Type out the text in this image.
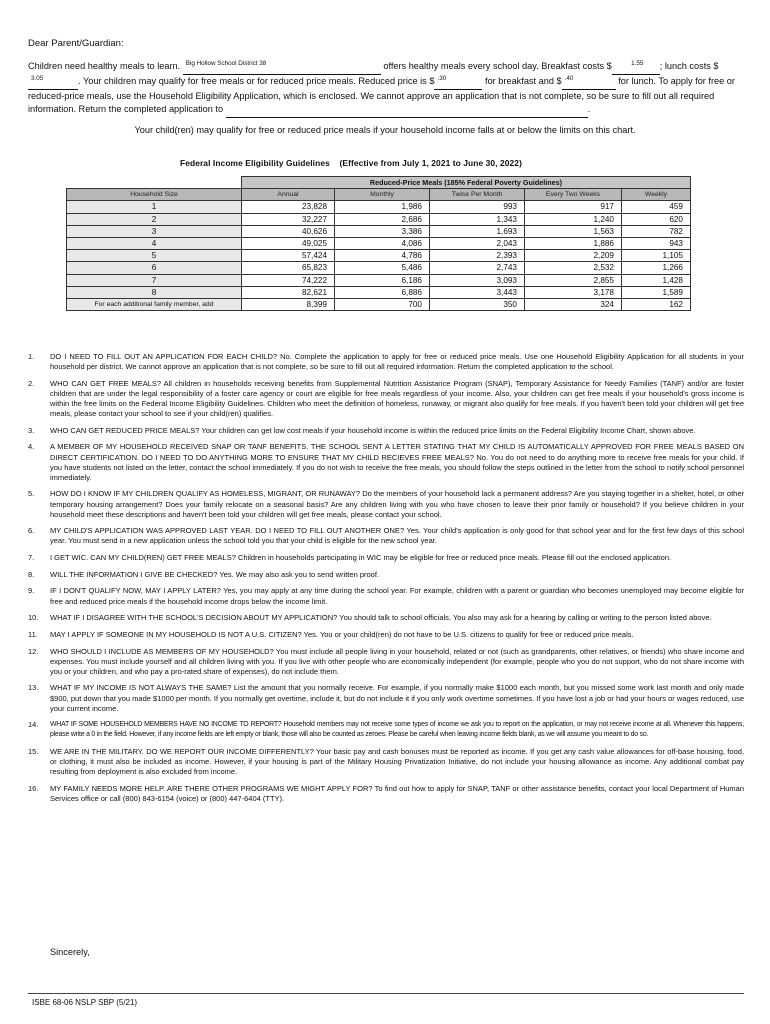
Dear Parent/Guardian:
Children need healthy meals to learn. $^{Big Hollow School District 38}$	offers healthy meals every school day. Breakfast costs $	$^{1.55}$ ; lunch costs \$$^{3.05}$	. Your children may qualify for free meals or for reduced price meals. Reduced price is $ $^{.30}$	for breakfast and $ $^{.40}$	for lunch. To apply for free or reduced-price meals, use the Household Eligibility Application, which is enclosed. We cannot approve an application that is not complete, so be sure to fill out all required information. Return the completed application to	.
Your child(ren) may qualify for free or reduced price meals if your household income falls at or below the limits on this chart.
Federal Income Eligibility Guidelines    (Effective from July 1, 2021 to June 30, 2022)
	Reduced-Price Meals (185% Federal Poverty Guidelines)				
Household Size	Annual	Monthly	Twice Per Month	Every Two Weeks	Weekly
1	23,828	1,986	993	917	459
2	32,227	2,686	1,343	1,240	620
3	40,626	3,386	1,693	1,563	782
4	49,025	4,086	2,043	1,886	943
5	57,424	4,786	2,393	2,209	1,105
6	65,823	5,486	2,743	2,532	1,266
7	74,222	6,186	3,093	2,855	1,428
8	82,621	6,886	3,443	3,178	1,589
For each additional family member, add	8,399	700	350	324	162
1.	DO I NEED TO FILL OUT AN APPLICATION FOR EACH CHILD? No. Complete the application to apply for free or reduced price meals. Use one Household Eligibility Application for all students in your household per district. We cannot approve an application that is not complete, so be sure to fill out all required information. Return the completed application to the school.
2.	WHO CAN GET FREE MEALS? All children in households receiving benefits from Supplemental Nutrition Assistance Program (SNAP), Temporary Assistance for Needy Families (TANF) and/or are foster children that are under the legal responsibility of a foster care agency or court are eligible for free meals regardless of your income. Also, your children can get free meals if your household's gross income is within the free limits on the Federal Income Eligibility Guidelines. Children who meet the definition of homeless, runaway, or migrant also qualify for free meals. If you haven't been told your children will get free meals, please contact your school to see if your child(ren) qualifies.
3.	WHO CAN GET REDUCED PRICE MEALS? Your children can get low cost meals if your household income is within the reduced price limits on the Federal Eligibility Income Chart, shown above.
4.	A MEMBER OF MY HOUSEHOLD RECEIVED SNAP OR TANF BENEFITS. THE SCHOOL SENT A LETTER STATING THAT MY CHILD IS AUTOMATICALLY APPROVED FOR FREE MEALS BASED ON DIRECT CERTIFICATION. DO I NEED TO DO ANYTHING MORE TO ENSURE THAT MY CHILD RECIEVES FREE MEALS? No. You do not need to do anything more to receive free meals for your child. If you have students not listed on the letter, contact the school immediately. If you do not wish to receive the free meals, you should follow the steps outlined in the letter from the school to notify school personnel immediately.
5.	HOW DO I KNOW IF MY CHILDREN QUALIFY AS HOMELESS, MIGRANT, OR RUNAWAY? Do the members of your household lack a permanent address? Are you staying together in a shelter, hotel, or other temporary housing arrangement? Does your family relocate on a seasonal basis? Are any children living with you who have chosen to leave their prior family or household? If you believe children in your household meet these descriptions and haven't been told your children will get free meals, please contact your school.
6.	MY CHILD'S APPLICATION WAS APPROVED LAST YEAR. DO I NEED TO FILL OUT ANOTHER ONE? Yes. Your child's application is only good for that school year and for the first few days of this school year. You must send in a new application unless the school told you that your child is eligible for the new school year.
7.	I GET WIC. CAN MY CHILD(REN) GET FREE MEALS? Children in households participating in WIC may be eligible for free or reduced price meals. Please fill out the enclosed application.
8.	WILL THE INFORMATION I GIVE BE CHECKED? Yes. We may also ask you to send written proof.
9.	IF I DON'T QUALIFY NOW, MAY I APPLY LATER? Yes, you may apply at any time during the school year. For example, children with a parent or guardian who becomes unemployed may become eligible for free and reduced price meals if the household income drops below the income limit.
10.	WHAT IF I DISAGREE WITH THE SCHOOL'S DECISION ABOUT MY APPLICATION? You should talk to school officials. You also may ask for a hearing by calling or writing to the person listed above.
11.	MAY I APPLY IF SOMEONE IN MY HOUSEHOLD IS NOT A U.S. CITIZEN? Yes. You or your child(ren) do not have to be U.S. citizens to qualify for free or reduced price meals.
12.	WHO SHOULD I INCLUDE AS MEMBERS OF MY HOUSEHOLD? You must include all people living in your household, related or not (such as grandparents, other relatives, or friends) who share income and expenses. You must include yourself and all children living with you. If you live with other people who are economically independent (for example, people who you do not support, who do not share income with you or your children, and who pay a pro-rated share of expenses), do not include them.
13.	WHAT IF MY INCOME IS NOT ALWAYS THE SAME? List the amount that you normally receive. For example, if you normally make $1000 each month, but you missed some work last month and only made $900, put down that you made $1000 per month. If you normally get overtime, include it, but do not include it if you only work overtime sometimes. If you have lost a job or had your hours or wages reduced, use your current income.
14.	WHAT IF SOME HOUSEHOLD MEMBERS HAVE NO INCOME TO REPORT? Household members may not receive some types of income we ask you to report on the application, or may not receive income at all. Whenever this happens, please write a 0 in the field. However, if any income fields are left empty or blank, those will also be counted as zeroes. Please be careful when leaving income fields blank, as we will assume you meant to do so.
15.	WE ARE IN THE MILITARY. DO WE REPORT OUR INCOME DIFFERENTLY? Your basic pay and cash bonuses must be reported as income. If you get any cash value allowances for off-base housing, food, or clothing, it must also be included as income. However, if your housing is part of the Military Housing Privatization Initiative, do not include your housing allowance as income. Any additional combat pay resulting from deployment is also excluded from income.
16.	MY FAMILY NEEDS MORE HELP. ARE THERE OTHER PROGRAMS WE MIGHT APPLY FOR? To find out how to apply for SNAP, TANF or other assistance benefits, contact your local Department of Human Services office or call (800) 843-6154 (voice) or (800) 447-6404 (TTY).
Sincerely,
ISBE 68-06 NSLP SBP (5/21)
